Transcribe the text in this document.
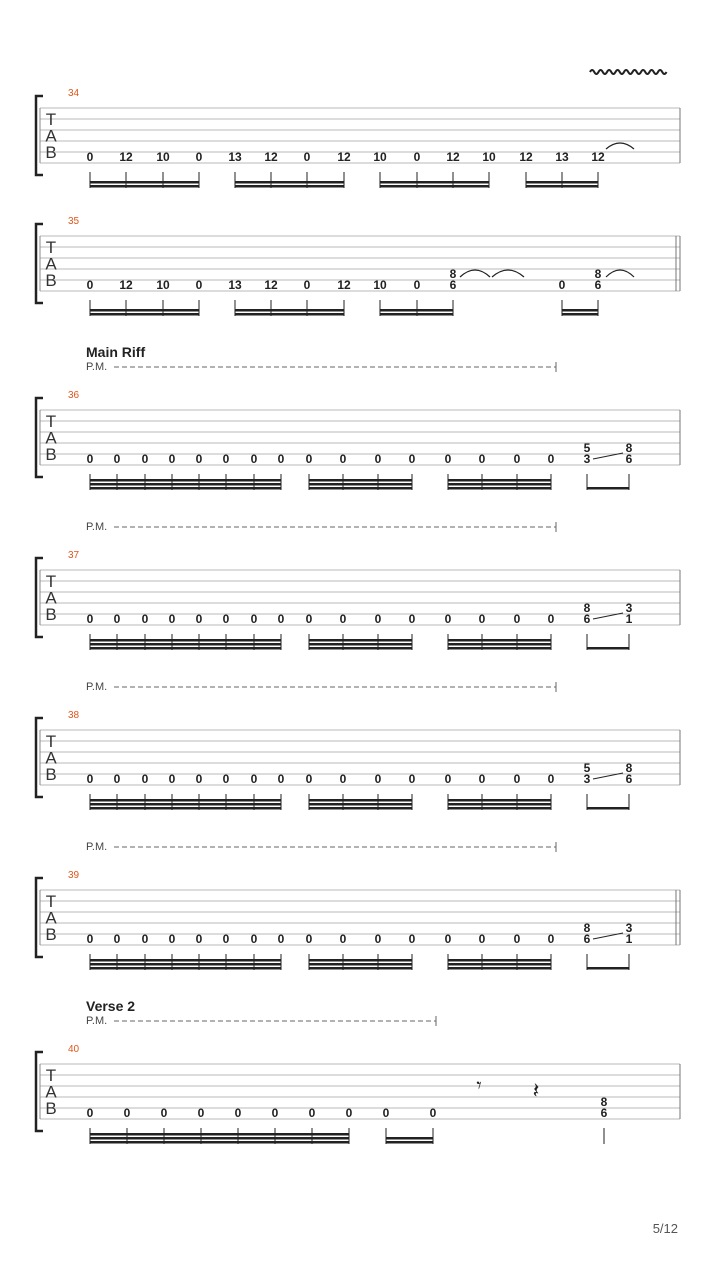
Main Riff
Verse 2
34
T
A
B 0 12 10 0 13 12 0 12 10 0 12 10 12 13 12
35
T
A
B 0 12 10 0 13 12 0 12 10 0
8
6	0
8
6
P.M.
36
T
A
B 0 0 0 0 0 0 0 0 0 0 0 0 0 0 0 0
5
3
8
6
P.M.
37
T
A
B 0 0 0 0 0 0 0 0 0 0 0 0 0 0 0 0
8
6
3
1
P.M.
38
T
A
B 0 0 0 0 0 0 0 0 0 0 0 0 0 0 0 0
5
3
8
6
P.M.
39
T
A
B 0 0 0 0 0 0 0 0 0 0 0 0 0 0 0 0
8
6
3
1
P.M.
40
T
A
B 0	0	0	0	0	0	0	0	0	0
8
6
𝄾 𝄽
5/12
